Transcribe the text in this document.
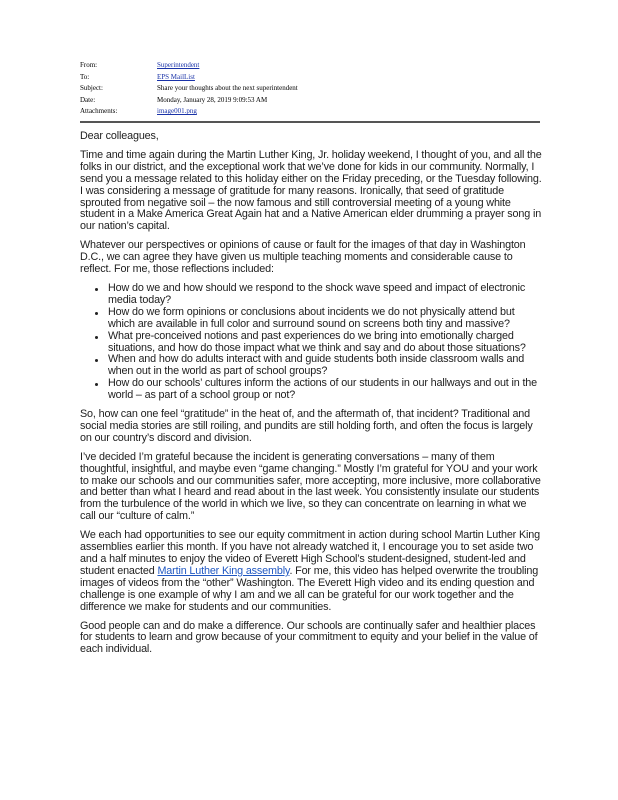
From:	Superintendent
To:	EPS MailList
Subject:	Share your thoughts about the next superintendent
Date:	Monday, January 28, 2019 9:09:53 AM
Attachments:	image001.png

Dear colleagues,

Time and time again during the Martin Luther King, Jr. holiday weekend, I thought of you, and all the folks in our district, and the exceptional work that we’ve done for kids in our community. Normally, I send you a message related to this holiday either on the Friday preceding, or the Tuesday following. I was considering a message of gratitude for many reasons. Ironically, that seed of gratitude sprouted from negative soil – the now famous and still controversial meeting of a young white student in a Make America Great Again hat and a Native American elder drumming a prayer song in our nation’s capital.

Whatever our perspectives or opinions of cause or fault for the images of that day in Washington D.C., we can agree they have given us multiple teaching moments and considerable cause to reflect. For me, those reflections included:

How do we and how should we respond to the shock wave speed and impact of electronic media today?
How do we form opinions or conclusions about incidents we do not physically attend but which are available in full color and surround sound on screens both tiny and massive?
What pre-conceived notions and past experiences do we bring into emotionally charged situations, and how do those impact what we think and say and do about those situations?
When and how do adults interact with and guide students both inside classroom walls and when out in the world as part of school groups?
How do our schools’ cultures inform the actions of our students in our hallways and out in the world – as part of a school group or not?

So, how can one feel “gratitude” in the heat of, and the aftermath of, that incident? Traditional and social media stories are still roiling, and pundits are still holding forth, and often the focus is largely on our country’s discord and division.

I’ve decided I’m grateful because the incident is generating conversations – many of them thoughtful, insightful, and maybe even “game changing.” Mostly I’m grateful for YOU and your work to make our schools and our communities safer, more accepting, more inclusive, more collaborative and better than what I heard and read about in the last week. You consistently insulate our students from the turbulence of the world in which we live, so they can concentrate on learning in what we call our “culture of calm.”

We each had opportunities to see our equity commitment in action during school Martin Luther King assemblies earlier this month. If you have not already watched it, I encourage you to set aside two and a half minutes to enjoy the video of Everett High School’s student-designed, student-led and student enacted Martin Luther King assembly. For me, this video has helped overwrite the troubling images of videos from the “other” Washington. The Everett High video and its ending question and challenge is one example of why I am and we all can be grateful for our work together and the difference we make for students and our communities.

Good people can and do make a difference. Our schools are continually safer and healthier places for students to learn and grow because of your commitment to equity and your belief in the value of each individual.
